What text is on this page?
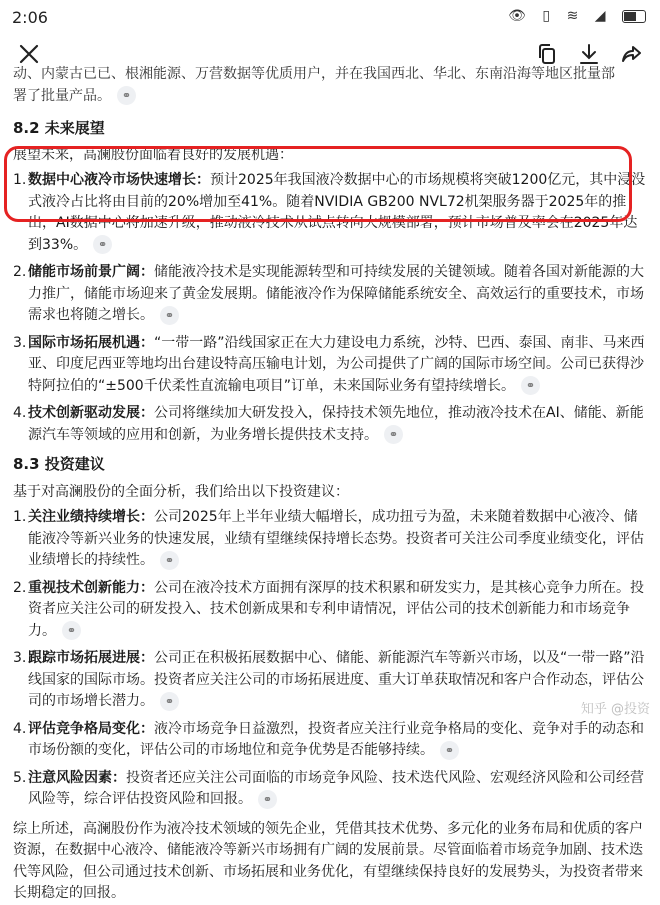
2:06	👁 ▯ ≋ ◢

动、内蒙古已已、根湘能源、万营数据等优质用户，并在我国西北、华北、东南沿海等地区批量部
署了批量产品。 ⚭

8.2 未来展望

展望未来，高澜股份面临着良好的发展机遇：

1. 数据中心液冷市场快速增长：预计2025年我国液冷数据中心的市场规模将突破1200亿元，其中浸没式液冷占比将由目前的20%增加至41%。随着NVIDIA GB200 NVL72机架服务器于2025年的推出，AI数据中心将加速升级，推动液冷技术从试点转向大规模部署，预计市场普及率会在2025年达到33%。 ⚭
2. 储能市场前景广阔：储能液冷技术是实现能源转型和可持续发展的关键领域。随着各国对新能源的大力推广，储能市场迎来了黄金发展期。储能液冷作为保障储能系统安全、高效运行的重要技术，市场需求也将随之增长。 ⚭
3. 国际市场拓展机遇：“一带一路”沿线国家正在大力建设电力系统，沙特、巴西、泰国、南非、马来西亚、印度尼西亚等地均出台建设特高压输电计划，为公司提供了广阔的国际市场空间。公司已获得沙特阿拉伯的“±500千伏柔性直流输电项目”订单，未来国际业务有望持续增长。 ⚭
4. 技术创新驱动发展：公司将继续加大研发投入，保持技术领先地位，推动液冷技术在AI、储能、新能源汽车等领域的应用和创新，为业务增长提供技术支持。 ⚭
8.3 投资建议

基于对高澜股份的全面分析，我们给出以下投资建议：

1. 关注业绩持续增长：公司2025年上半年业绩大幅增长，成功扭亏为盈，未来随着数据中心液冷、储能液冷等新兴业务的快速发展，业绩有望继续保持增长态势。投资者可关注公司季度业绩变化，评估业绩增长的持续性。 ⚭
2. 重视技术创新能力：公司在液冷技术方面拥有深厚的技术积累和研发实力，是其核心竞争力所在。投资者应关注公司的研发投入、技术创新成果和专利申请情况，评估公司的技术创新能力和市场竞争力。 ⚭
3. 跟踪市场拓展进展：公司正在积极拓展数据中心、储能、新能源汽车等新兴市场，以及“一带一路”沿线国家的国际市场。投资者应关注公司的市场拓展进度、重大订单获取情况和客户合作动态，评估公司的市场增长潜力。 ⚭
4. 评估竞争格局变化：液冷市场竞争日益激烈，投资者应关注行业竞争格局的变化、竞争对手的动态和市场份额的变化，评估公司的市场地位和竞争优势是否能够持续。 ⚭
5. 注意风险因素：投资者还应关注公司面临的市场竞争风险、技术迭代风险、宏观经济风险和公司经营风险等，综合评估投资风险和回报。 ⚭

综上所述，高澜股份作为液冷技术领域的领先企业，凭借其技术优势、多元化的业务布局和优质的客户资源，在数据中心液冷、储能液冷等新兴市场拥有广阔的发展前景。尽管面临着市场竞争加剧、技术迭代等风险，但公司通过技术创新、市场拓展和业务优化，有望继续保持良好的发展势头，为投资者带来长期稳定的回报。

知乎 @投资
